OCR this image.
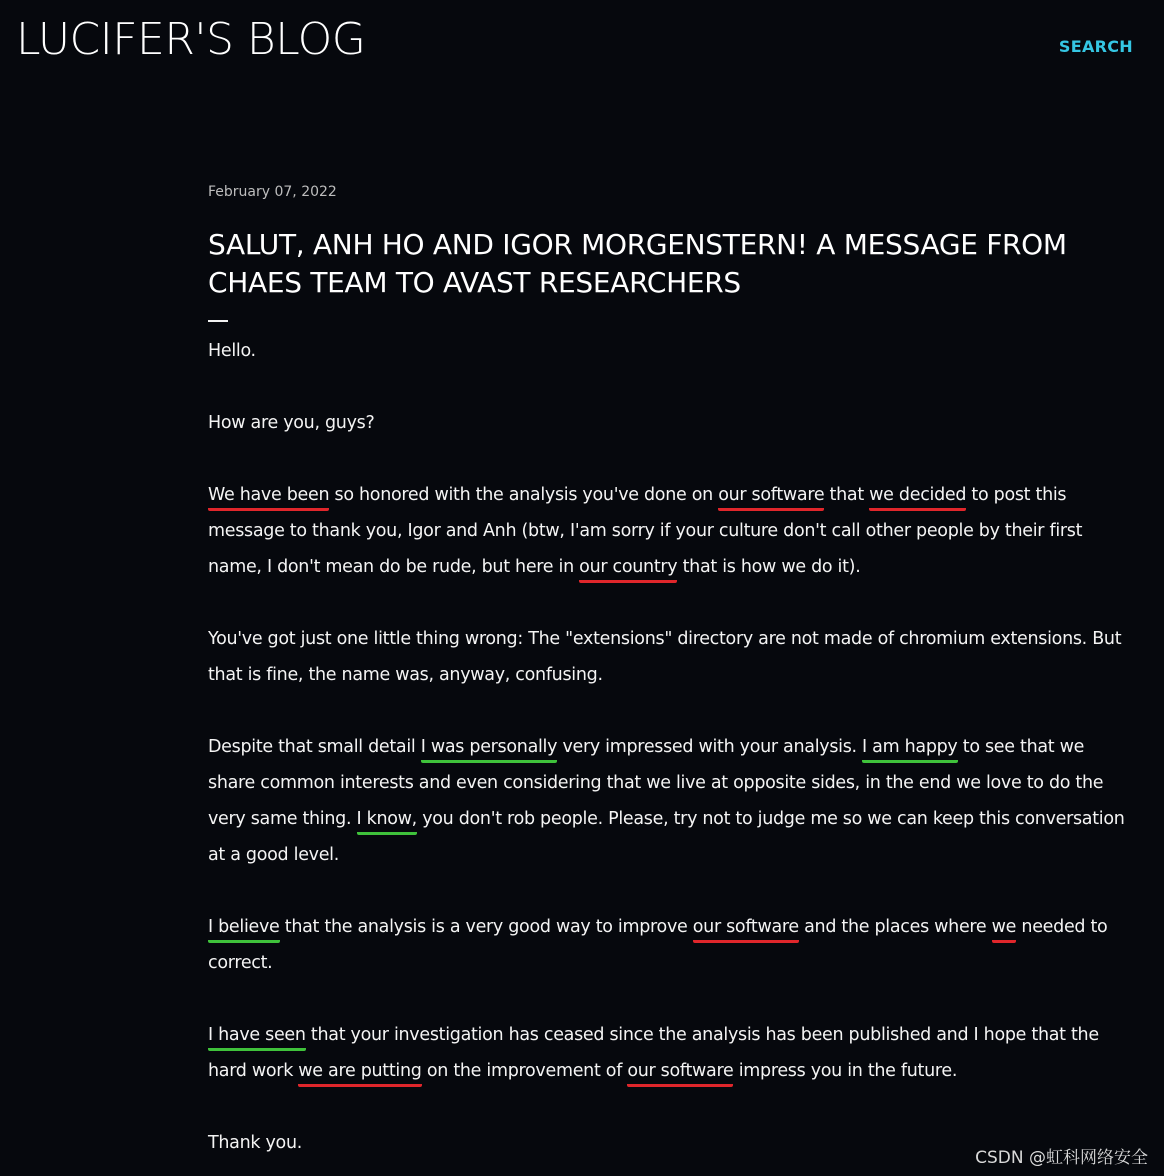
LUCIFER'S BLOG	SEARCH
February 07, 2022
SALUT, ANH HO AND IGOR MORGENSTERN! A MESSAGE FROM CHAES TEAM TO AVAST RESEARCHERS

Hello.

How are you, guys?

We have been so honored with the analysis you've done on our software that we decided to post this message to thank you, Igor and Anh (btw, I'am sorry if your culture don't call other people by their first name, I don't mean do be rude, but here in our country that is how we do it).

You've got just one little thing wrong: The "extensions" directory are not made of chromium extensions. But that is fine, the name was, anyway, confusing.

Despite that small detail I was personally very impressed with your analysis. I am happy to see that we share common interests and even considering that we live at opposite sides, in the end we love to do the very same thing. I know, you don't rob people. Please, try not to judge me so we can keep this conversation at a good level.

I believe that the analysis is a very good way to improve our software and the places where we needed to correct.

I have seen that your investigation has ceased since the analysis has been published and I hope that the hard work we are putting on the improvement of our software impress you in the future.

Thank you.

CSDN @虹科网络安全
